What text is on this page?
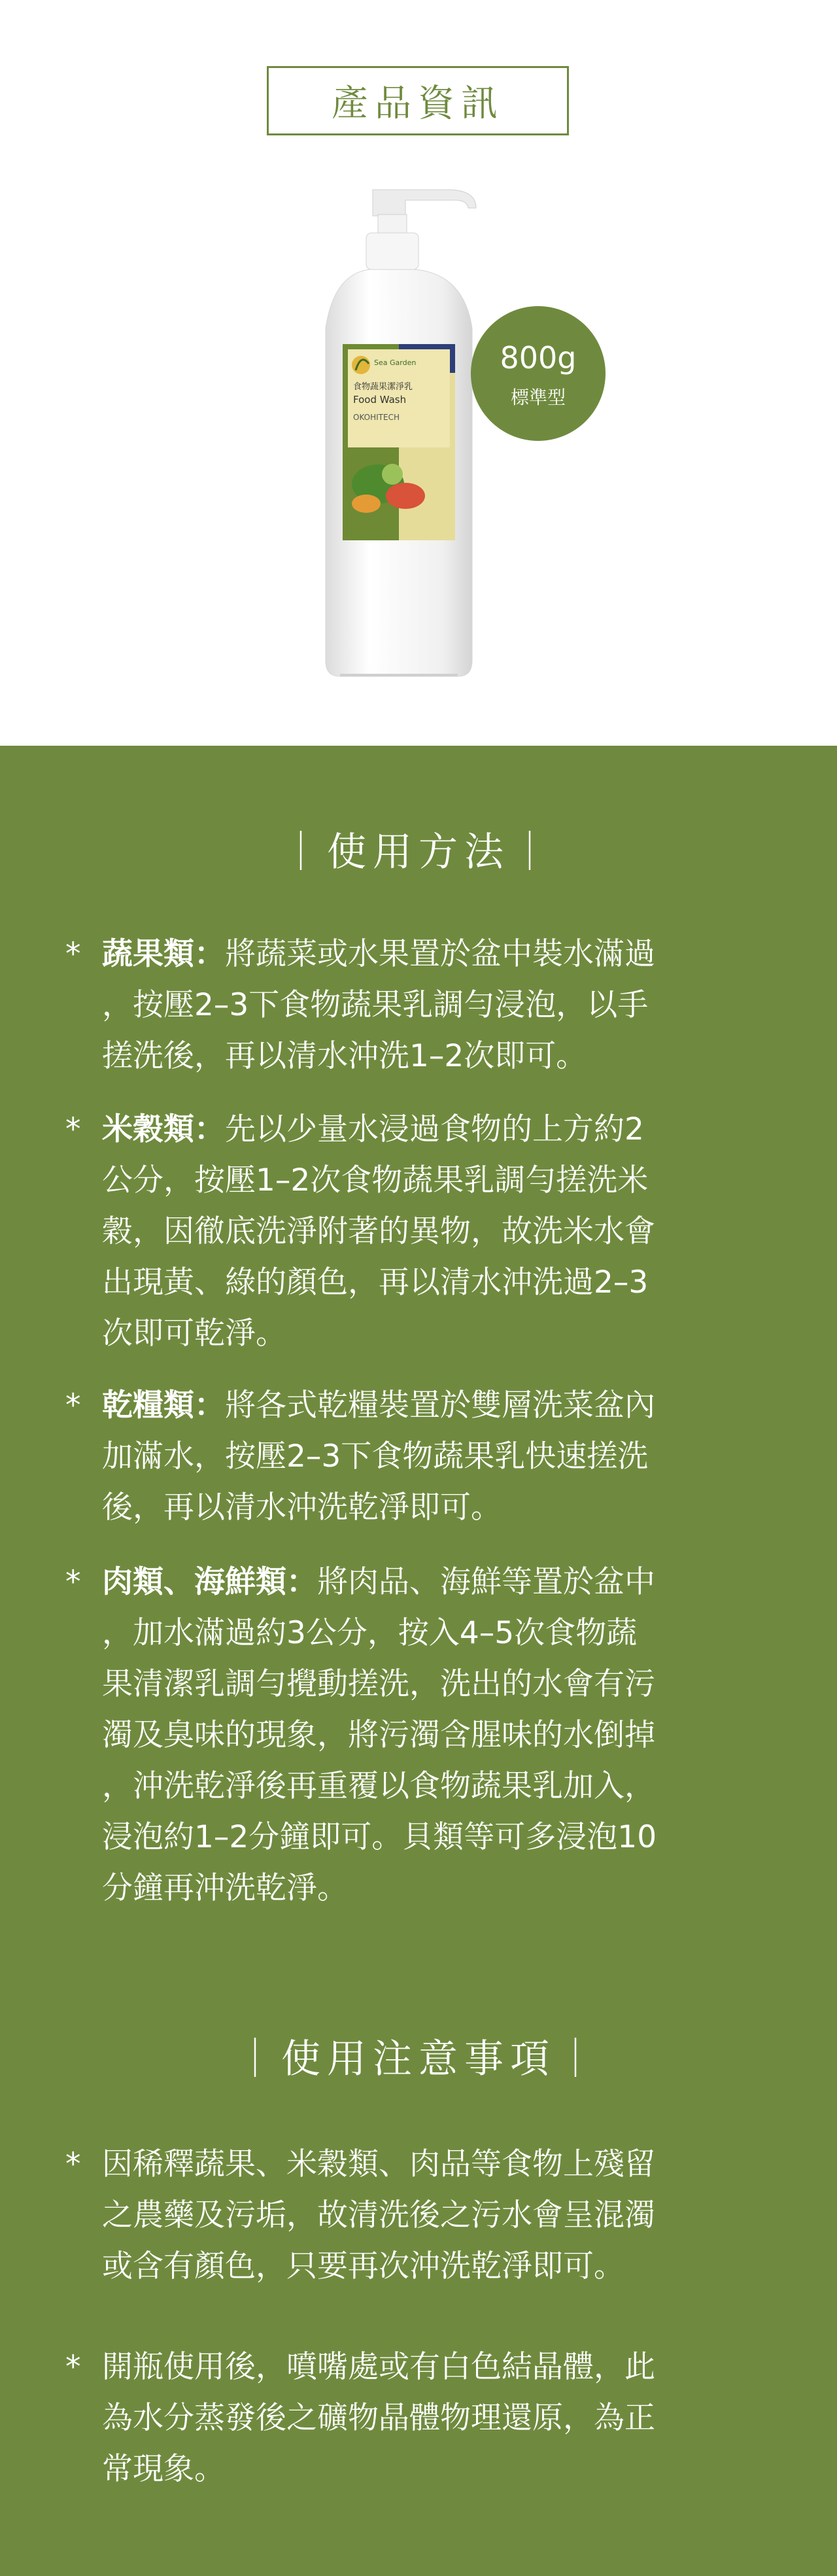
產品資訊
Sea Garden
食物蔬果潔淨乳
Food Wash
OKOHITECH
800g
標準型
｜使用方法｜
* 蔬果類：將蔬菜或水果置於盆中裝水滿過
，按壓2–3下食物蔬果乳調勻浸泡，以手
搓洗後，再以清水沖洗1–2次即可。
* 米穀類：先以少量水浸過食物的上方約2
公分，按壓1–2次食物蔬果乳調勻搓洗米
穀，因徹底洗淨附著的異物，故洗米水會
出現黃、綠的顏色，再以清水沖洗過2–3
次即可乾淨。
* 乾糧類：將各式乾糧裝置於雙層洗菜盆內
加滿水，按壓2–3下食物蔬果乳快速搓洗
後，再以清水沖洗乾淨即可。
* 肉類、海鮮類：將肉品、海鮮等置於盆中
，加水滿過約3公分，按入4–5次食物蔬
果清潔乳調勻攪動搓洗，洗出的水會有污
濁及臭味的現象，將污濁含腥味的水倒掉
，沖洗乾淨後再重覆以食物蔬果乳加入，
浸泡約1–2分鐘即可。貝類等可多浸泡10
分鐘再沖洗乾淨。
｜使用注意事項｜
* 因稀釋蔬果、米穀類、肉品等食物上殘留
之農藥及污垢，故清洗後之污水會呈混濁
或含有顏色，只要再次沖洗乾淨即可。
* 開瓶使用後，噴嘴處或有白色結晶體，此
為水分蒸發後之礦物晶體物理還原，為正
常現象。
